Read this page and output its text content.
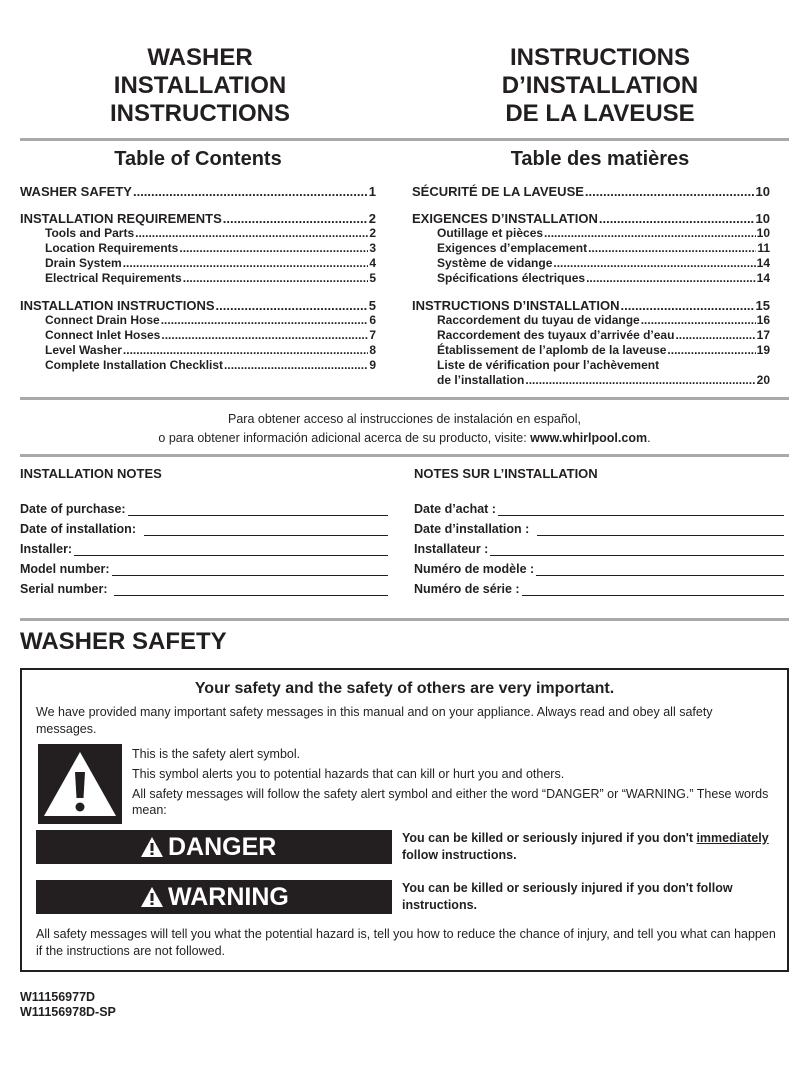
WASHER
INSTALLATION
INSTRUCTIONS
INSTRUCTIONS
D’INSTALLATION
DE LA LAVEUSE
Table of Contents	Table des matières
WASHER SAFETY .....	1
INSTALLATION REQUIREMENTS .....	2
Tools and Parts .....	2
Location Requirements .....	3
Drain System .....	4
Electrical Requirements .....	5
INSTALLATION INSTRUCTIONS .....	5
Connect Drain Hose .....	6
Connect Inlet Hoses .....	7
Level Washer .....	8
Complete Installation Checklist .....	9
SÉCURITÉ DE LA LAVEUSE .....	10
EXIGENCES D’INSTALLATION .....	10
Outillage et pièces .....	10
Exigences d’emplacement .....	11
Système de vidange .....	14
Spécifications électriques .....	14
INSTRUCTIONS D’INSTALLATION .....	15
Raccordement du tuyau de vidange .....	16
Raccordement des tuyaux d’arrivée d’eau .....	17
Établissement de l’aplomb de la laveuse .....	19
Liste de vérification pour l’achèvement
de l’installation .....	20
Para obtener acceso al instrucciones de instalación en español,
o para obtener información adicional acerca de su producto, visite: www.whirlpool.com.
INSTALLATION NOTES	NOTES SUR L’INSTALLATION
Date of purchase:
Date of installation:
Installer:
Model number:
Serial number:
Date d’achat :
Date d’installation :
Installateur :
Numéro de modèle :
Numéro de série :
WASHER SAFETY
Your safety and the safety of others are very important.
We have provided many important safety messages in this manual and on your appliance. Always read and obey all safety messages.
This is the safety alert symbol.
This symbol alerts you to potential hazards that can kill or hurt you and others.
All safety messages will follow the safety alert symbol and either the word “DANGER” or “WARNING.” These words mean:
DANGER	You can be killed or seriously injured if you don't immediately follow instructions.
WARNING	You can be killed or seriously injured if you don't follow instructions.
All safety messages will tell you what the potential hazard is, tell you how to reduce the chance of injury, and tell you what can happen if the instructions are not followed.
W11156977D
W11156978D-SP
